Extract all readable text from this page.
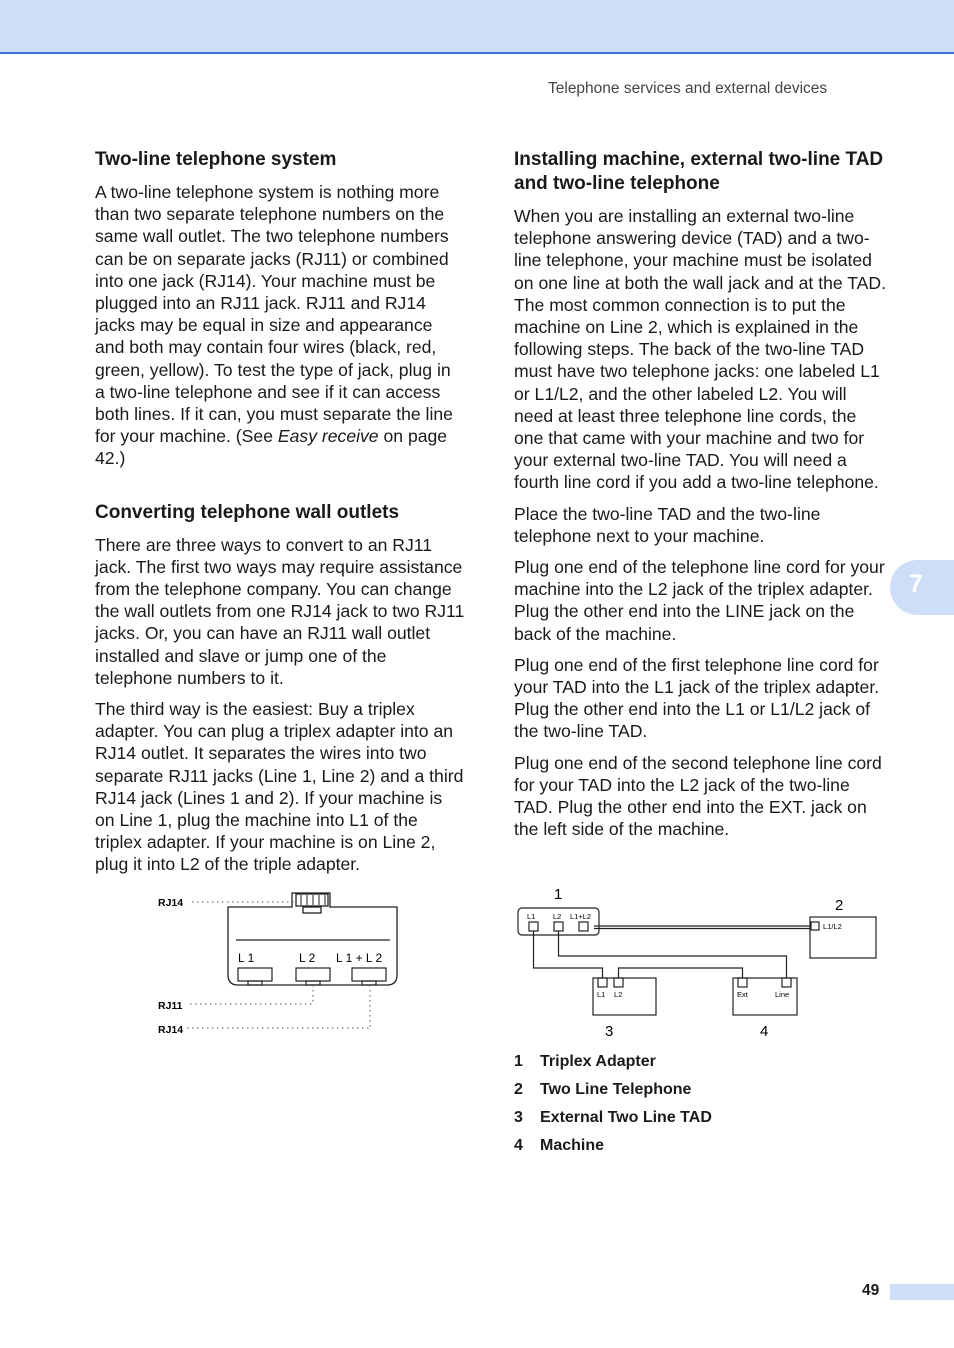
Telephone services and external devices
Two-line telephone system

A two-line telephone system is nothing more than two separate telephone numbers on the same wall outlet. The two telephone numbers can be on separate jacks (RJ11) or combined into one jack (RJ14). Your machine must be plugged into an RJ11 jack. RJ11 and RJ14 jacks may be equal in size and appearance and both may contain four wires (black, red, green, yellow). To test the type of jack, plug in a two-line telephone and see if it can access both lines. If it can, you must separate the line for your machine. (See Easy receive on page 42.)

Converting telephone wall outlets

There are three ways to convert to an RJ11 jack. The first two ways may require assistance from the telephone company. You can change the wall outlets from one RJ14 jack to two RJ11 jacks. Or, you can have an RJ11 wall outlet installed and slave or jump one of the telephone numbers to it.

The third way is the easiest: Buy a triplex adapter. You can plug a triplex adapter into an RJ14 outlet. It separates the wires into two separate RJ11 jacks (Line 1, Line 2) and a third RJ14 jack (Lines 1 and 2). If your machine is on Line 1, plug the machine into L1 of the triplex adapter. If your machine is on Line 2, plug it into L2 of the triple adapter.

RJ14
RJ11
RJ14
L 1	L 2 L 1 + L 2
Installing machine, external two-line TAD and two-line telephone

When you are installing an external two-line telephone answering device (TAD) and a two-line telephone, your machine must be isolated on one line at both the wall jack and at the TAD. The most common connection is to put the machine on Line 2, which is explained in the following steps. The back of the two-line TAD must have two telephone jacks: one labeled L1 or L1/L2, and the other labeled L2. You will need at least three telephone line cords, the one that came with your machine and two for your external two-line TAD. You will need a fourth line cord if you add a two-line telephone.

Place the two-line TAD and the two-line telephone next to your machine.

Plug one end of the telephone line cord for your machine into the L2 jack of the triplex adapter. Plug the other end into the LINE jack on the back of the machine.

Plug one end of the first telephone line cord for your TAD into the L1 jack of the triplex adapter. Plug the other end into the L1 or L1/L2 jack of the two-line TAD.

Plug one end of the second telephone line cord for your TAD into the L2 jack of the two-line TAD. Plug the other end into the EXT. jack on the left side of the machine.

7
1
2
3	4
L1 L2 L1+L2
L1/L2
L1 L2	Ext	Line
1	Triplex Adapter
2	Two Line Telephone
3	External Two Line TAD
4	Machine
49
